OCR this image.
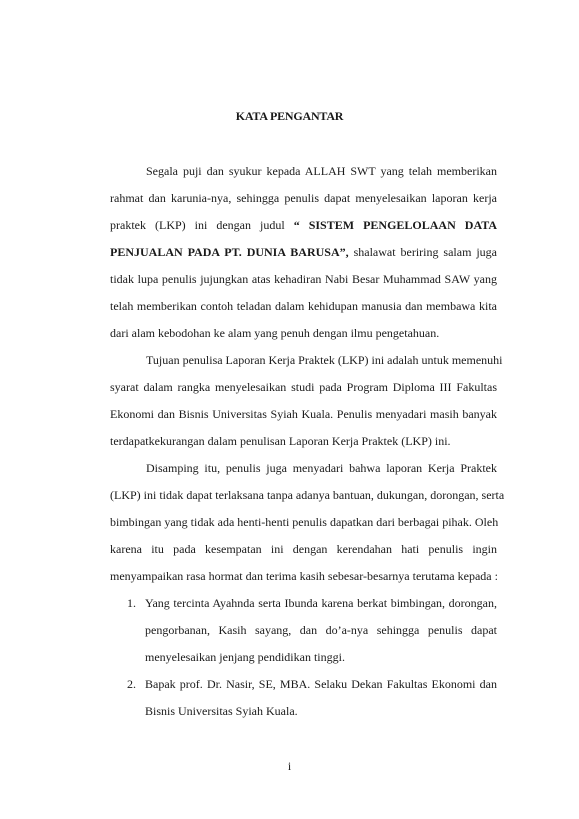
KATA PENGANTAR
Segala puji dan syukur kepada ALLAH SWT yang telah memberikan
rahmat dan karunia-nya, sehingga penulis dapat menyelesaikan laporan kerja
praktek (LKP) ini dengan judul “ SISTEM PENGELOLAAN DATA
PENJUALAN PADA PT. DUNIA BARUSA”, shalawat beriring salam juga
tidak lupa penulis jujungkan atas kehadiran Nabi Besar Muhammad SAW yang
telah memberikan contoh teladan dalam kehidupan manusia dan membawa kita
dari alam kebodohan ke alam yang penuh dengan ilmu pengetahuan.
Tujuan penulisa Laporan Kerja Praktek (LKP) ini adalah untuk memenuhi
syarat dalam rangka menyelesaikan studi pada Program Diploma III Fakultas
Ekonomi dan Bisnis Universitas Syiah Kuala. Penulis menyadari masih banyak
terdapatkekurangan dalam penulisan Laporan Kerja Praktek (LKP) ini.
Disamping itu, penulis juga menyadari bahwa laporan Kerja Praktek
(LKP) ini tidak dapat terlaksana tanpa adanya bantuan, dukungan, dorongan, serta
bimbingan yang tidak ada henti-henti penulis dapatkan dari berbagai pihak. Oleh
karena itu pada kesempatan ini dengan kerendahan hati penulis ingin
menyampaikan rasa hormat dan terima kasih sebesar-besarnya terutama kepada :
1. Yang tercinta Ayahnda serta Ibunda karena berkat bimbingan, dorongan,
pengorbanan, Kasih sayang, dan do’a-nya sehingga penulis dapat
menyelesaikan jenjang pendidikan tinggi.
2. Bapak prof. Dr. Nasir, SE, MBA. Selaku Dekan Fakultas Ekonomi dan
Bisnis Universitas Syiah Kuala.
i
